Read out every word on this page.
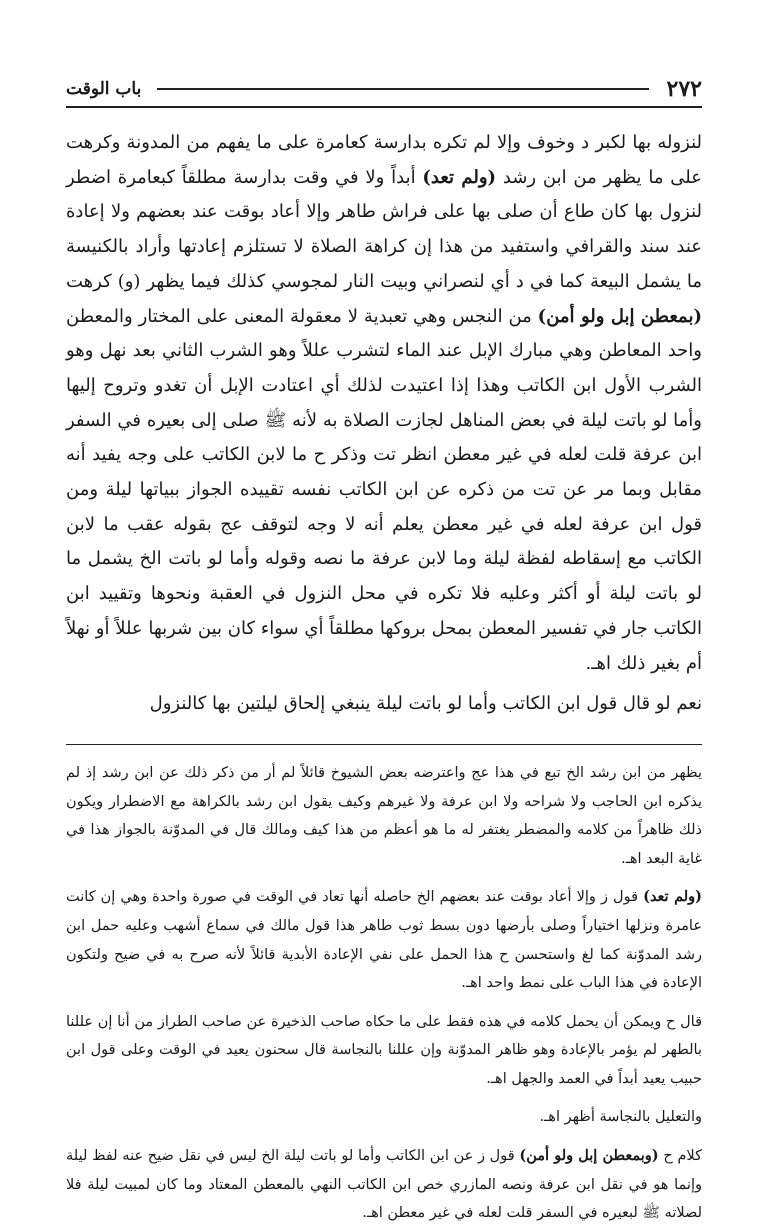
٢٧٢
باب الوقت

لنزوله بها لكبر د وخوف وإلا لم تكره بدارسة كعامرة على ما يفهم من المدونة وكرهت على ما يظهر من ابن رشد (ولم تعد) أبداً ولا في وقت بدارسة مطلقاً كبعامرة اضطر لنزول بها كان طاع أن صلى بها على فراش طاهر وإلا أعاد بوقت عند بعضهم ولا إعادة عند سند والقرافي واستفيد من هذا إن كراهة الصلاة لا تستلزم إعادتها وأراد بالكنيسة ما يشمل البيعة كما في د أي لنصراني وبيت النار لمجوسي كذلك فيما يظهر (و) كرهت (بمعطن إبل ولو أمن) من النجس وهي تعبدية لا معقولة المعنى على المختار والمعطن واحد المعاطن وهي مبارك الإبل عند الماء لتشرب عللاً وهو الشرب الثاني بعد نهل وهو الشرب الأول ابن الكاتب وهذا إذا اعتيدت لذلك أي اعتادت الإبل أن تغدو وتروح إليها وأما لو باتت ليلة في بعض المناهل لجازت الصلاة به لأنه ﷺ صلى إلى بعيره في السفر ابن عرفة قلت لعله في غير معطن انظر تت وذكر ح ما لابن الكاتب على وجه يفيد أنه مقابل وبما مر عن تت من ذكره عن ابن الكاتب نفسه تقييده الجواز ببياتها ليلة ومن قول ابن عرفة لعله في غير معطن يعلم أنه لا وجه لتوقف عج بقوله عقب ما لابن الكاتب مع إسقاطه لفظة ليلة وما لابن عرفة ما نصه وقوله وأما لو باتت الخ يشمل ما لو باتت ليلة أو أكثر وعليه فلا تكره في محل النزول في العقبة ونحوها وتقييد ابن الكاتب جار في تفسير المعطن بمحل بروكها مطلقاً أي سواء كان بين شربها عللاً أو نهلاً أم بغير ذلك اهـ.

نعم لو قال قول ابن الكاتب وأما لو باتت ليلة ينبغي إلحاق ليلتين بها كالنزول

يظهر من ابن رشد الخ تبع في هذا عج واعترضه بعض الشيوخ قائلاً لم أر من ذكر ذلك عن ابن رشد إذ لم يذكره ابن الحاجب ولا شراحه ولا ابن عرفة ولا غيرهم وكيف يقول ابن رشد بالكراهة مع الاضطرار ويكون ذلك ظاهراً من كلامه والمضطر يغتفر له ما هو أعظم من هذا كيف ومالك قال في المدوّنة بالجواز هذا في غاية البعد اهـ.

(ولم تعد) قول ز وإلا أعاد بوقت عند بعضهم الخ حاصله أنها تعاد في الوقت في صورة واحدة وهي إن كانت عامرة ونزلها اختياراً وصلى بأرضها دون بسط ثوب طاهر هذا قول مالك في سماع أشهب وعليه حمل ابن رشد المدوّنة كما لغ واستحسن ح هذا الحمل على نفي الإعادة الأبدية قائلاً لأنه صرح به في ضيح ولتكون الإعادة في هذا الباب على نمط واحد اهـ.

قال ح ويمكن أن يحمل كلامه في هذه فقط على ما حكاه صاحب الذخيرة عن صاحب الطراز من أنا إن عللنا بالطهر لم يؤمر بالإعادة وهو ظاهر المدوّنة وإن عللنا بالنجاسة قال سحنون يعيد في الوقت وعلى قول ابن حبيب يعيد أبداً في العمد والجهل اهـ.

والتعليل بالنجاسة أظهر اهـ.

كلام ح (وبمعطن إبل ولو أمن) قول ز عن ابن الكاتب وأما لو باتت ليلة الخ ليس في نقل ضيح عنه لفظ ليلة وإنما هو في نقل ابن عرفة ونصه المازري خص ابن الكاتب النهي بالمعطن المعتاد وما كان لمبيت ليلة فلا لصلاته ﷺ لبعيره في السفر قلت لعله في غير معطن اهـ.
